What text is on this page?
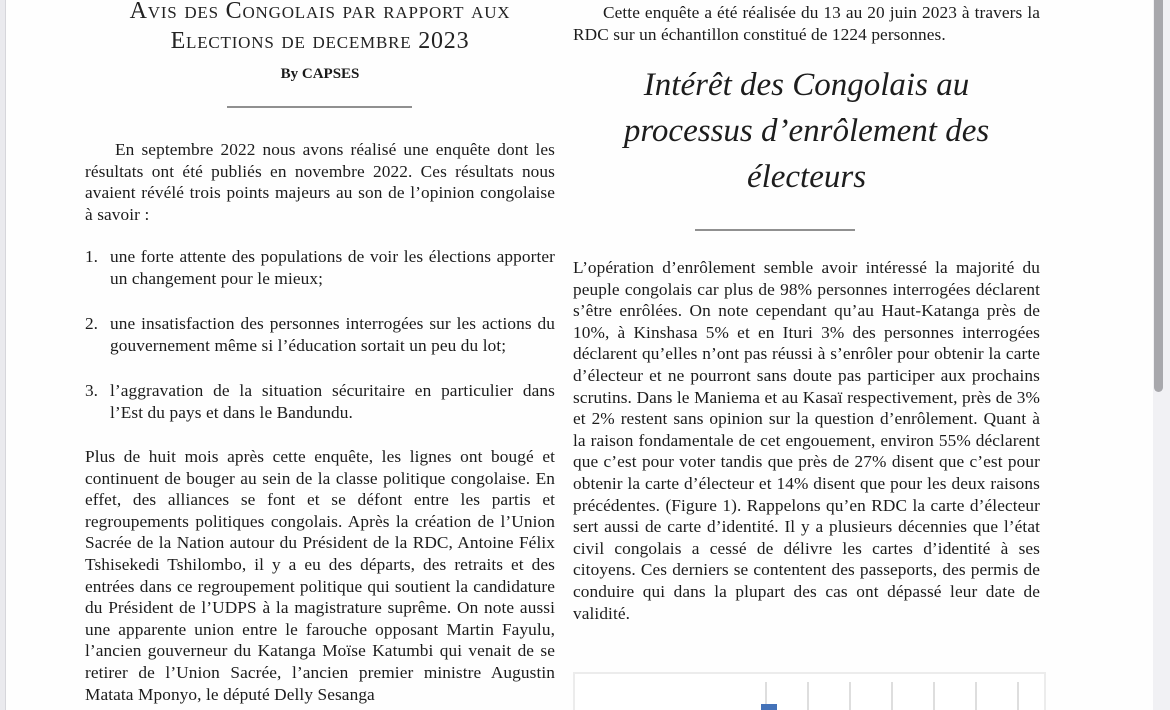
Avis des Congolais par rapport aux
Elections de decembre 2023
By CAPSES

En septembre 2022 nous avons réalisé une enquête dont les résultats ont été publiés en novembre 2022. Ces résultats nous avaient révélé trois points majeurs au son de l’opinion congolaise à savoir :

1. une forte attente des populations de voir les élections apporter un changement pour le mieux;
2. une insatisfaction des personnes interrogées sur les actions du gouvernement même si l’éducation sortait un peu du lot;
3. l’aggravation de la situation sécuritaire en particulier dans l’Est du pays et dans le Bandundu.

Plus de huit mois après cette enquête, les lignes ont bougé et continuent de bouger au sein de la classe politique congolaise. En effet, des alliances se font et se défont entre les partis et regroupements politiques congolais. Après la création de l’Union Sacrée de la Nation autour du Président de la RDC, Antoine Félix Tshisekedi Tshilombo, il y a eu des départs, des retraits et des entrées dans ce regroupement politique qui soutient la candidature du Président de l’UDPS à la magistrature suprême. On note aussi une apparente union entre le farouche opposant Martin Fayulu, l’ancien gouverneur du Katanga Moïse Katumbi qui venait de se retirer de l’Union Sacrée, l’ancien premier ministre Augustin Matata Mponyo, le député Delly Sesanga

Cette enquête a été réalisée du 13 au 20 juin 2023 à travers la RDC sur un échantillon constitué de 1224 personnes.

Intérêt des Congolais au
processus d’enrôlement des
électeurs

L’opération d’enrôlement semble avoir intéressé la majorité du peuple congolais car plus de 98% personnes interrogées déclarent s’être enrôlées. On note cependant qu’au Haut-Katanga près de 10%, à Kinshasa 5% et en Ituri 3% des personnes interrogées déclarent qu’elles n’ont pas réussi à s’enrôler pour obtenir la carte d’électeur et ne pourront sans doute pas participer aux prochains scrutins. Dans le Maniema et au Kasaï respectivement, près de 3% et 2% restent sans opinion sur la question d’enrôlement. Quant à la raison fondamentale de cet engouement, environ 55% déclarent que c’est pour voter tandis que près de 27% disent que c’est pour obtenir la carte d’électeur et 14% disent que pour les deux raisons précédentes. (Figure 1). Rappelons qu’en RDC la carte d’électeur sert aussi de carte d’identité. Il y a plusieurs décennies que l’état civil congolais a cessé de délivre les cartes d’identité à ses citoyens. Ces derniers se contentent des passeports, des permis de conduire qui dans la plupart des cas ont dépassé leur date de validité.
